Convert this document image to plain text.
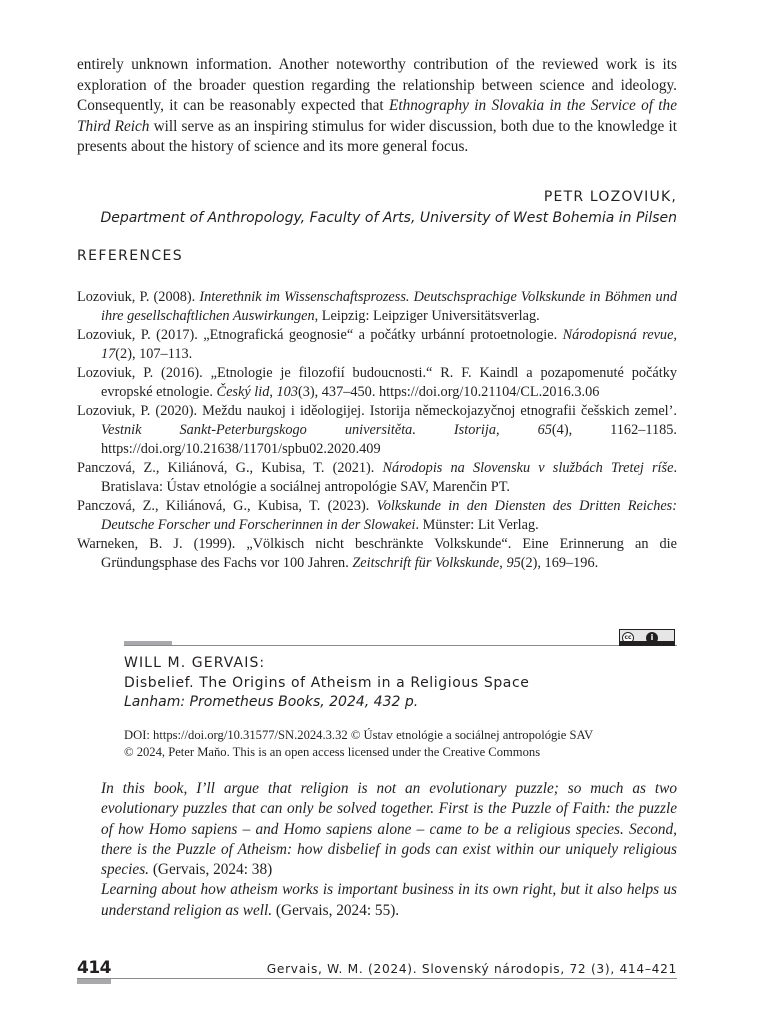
entirely unknown information. Another noteworthy contribution of the reviewed work is its exploration of the broader question regarding the relationship between science and ideology. Consequently, it can be reasonably expected that Ethnography in Slovakia in the Service of the Third Reich will serve as an inspiring stimulus for wider discussion, both due to the knowledge it presents about the history of science and its more general focus.

PETR LOZOVIUK,
Department of Anthropology, Faculty of Arts, University of West Bohemia in Pilsen
REFERENCES

Lozoviuk, P. (2008). Interethnik im Wissenschaftsprozess. Deutschsprachige Volkskunde in Böhmen und ihre gesellschaftlichen Auswirkungen, Leipzig: Leipziger Universitätsverlag.

Lozoviuk, P. (2017). „Etnografická geognosie“ a počátky urbánní protoetnologie. Národopisná revue, 17(2), 107–113.

Lozoviuk, P. (2016). „Etnologie je filozofií budoucnosti.“ R. F. Kaindl a pozapomenuté počátky evropské etnologie. Český lid, 103(3), 437–450. https://doi.org/10.21104/CL.2016.3.06

Lozoviuk, P. (2020). Meždu naukoj i iděologijej. Istorija německojazyčnoj etnografii češskich zemel’. Vestnik Sankt-Peterburgskogo universitěta. Istorija, 65(4), 1162–1185. https://doi.org/10.21638/11701/spbu02.2020.409

Panczová, Z., Kiliánová, G., Kubisa, T. (2021). Národopis na Slovensku v službách Tretej ríše. Bratislava: Ústav etnológie a sociálnej antropológie SAV, Marenčin PT.

Panczová, Z., Kiliánová, G., Kubisa, T. (2023). Volkskunde in den Diensten des Dritten Reiches: Deutsche Forscher und Forscherinnen in der Slowakei. Münster: Lit Verlag.

Warneken, B. J. (1999). „Völkisch nicht beschränkte Volkskunde“. Eine Erinnerung an die Gründungsphase des Fachs vor 100 Jahren. Zeitschrift für Volkskunde, 95(2), 169–196.

cc	i
WILL M. GERVAIS:
Disbelief. The Origins of Atheism in a Religious Space
Lanham: Prometheus Books, 2024, 432 p.
DOI: https://doi.org/10.31577/SN.2024.3.32 © Ústav etnológie a sociálnej antropológie SAV
© 2024, Peter Maňo. This is an open access licensed under the Creative Commons

In this book, I’ll argue that religion is not an evolutionary puzzle; so much as two evolutionary puzzles that can only be solved together. First is the Puzzle of Faith: the puzzle of how Homo sapiens – and Homo sapiens alone – came to be a religious species. Second, there is the Puzzle of Atheism: how disbelief in gods can exist within our uniquely religious species. (Gervais, 2024: 38)

Learning about how atheism works is important business in its own right, but it also helps us understand religion as well. (Gervais, 2024: 55).

414	Gervais, W. M. (2024). Slovenský národopis, 72 (3), 414–421
